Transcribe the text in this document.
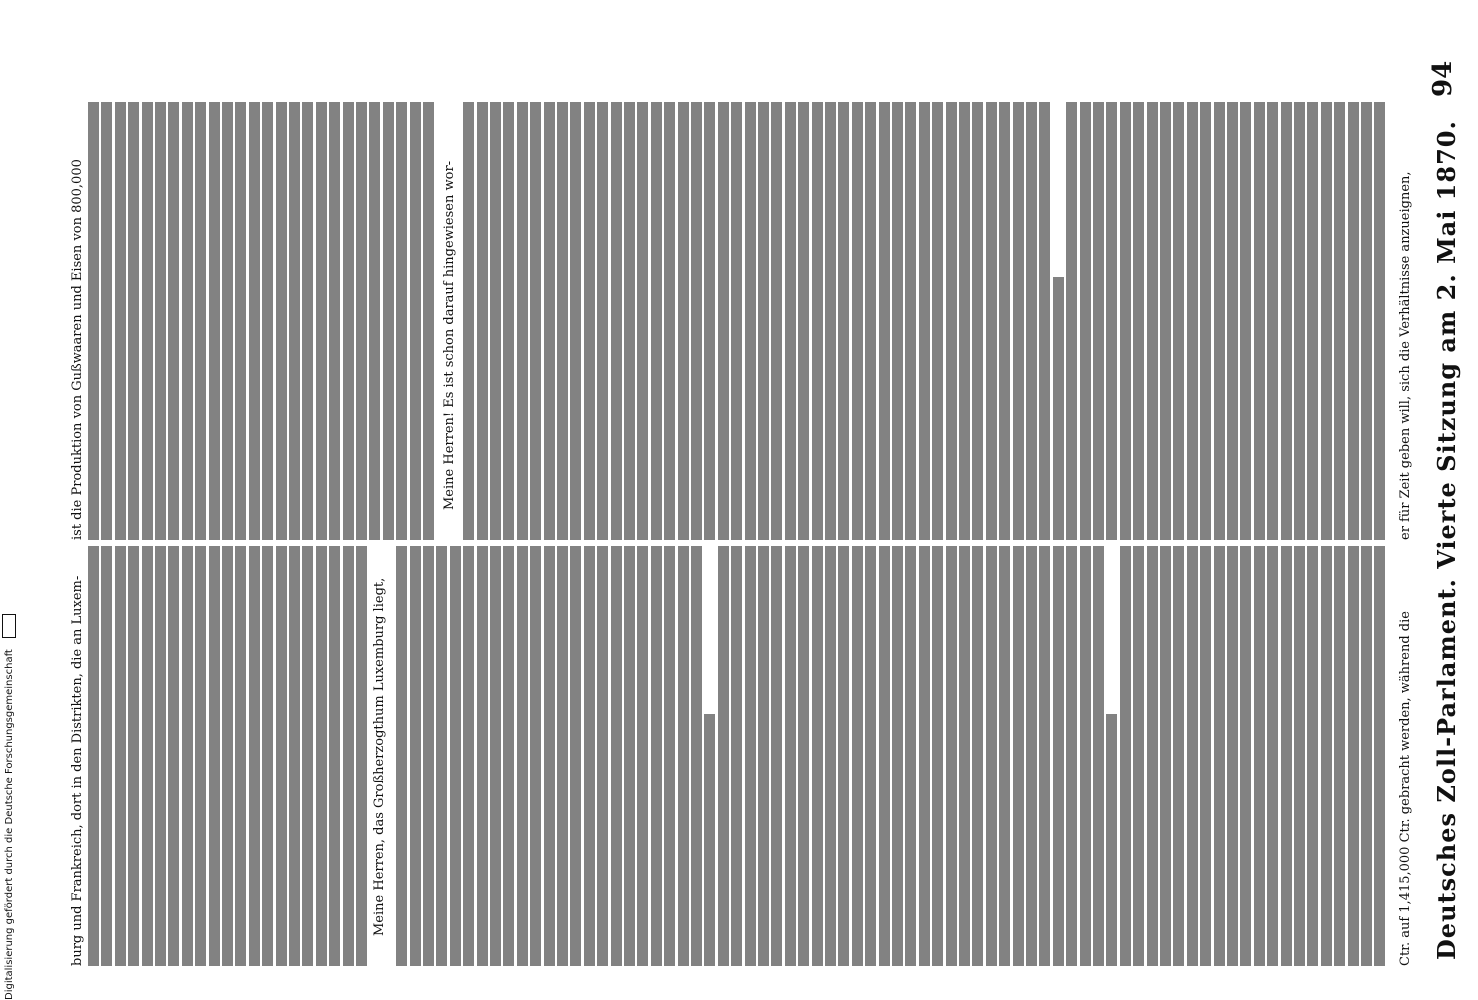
94
Deutsches Zoll-Parlament. Vierte Sitzung am 2. Mai 1870.
er für Zeit geben will, sich die Verhältnisse anzueignen,
Meine Herren! Es ist schon darauf hingewiesen wor-
ist die Produktion von Gußwaaren und Eisen von 800,000
Ctr. auf 1,415,000 Ctr. gebracht werden, während die
Meine Herren, das Großherzogthum Luxemburg liegt,
burg und Frankreich, dort in den Distrikten, die an Luxem-
Digitalisierung gefördert durch die Deutsche Forschungsgemeinschaft
